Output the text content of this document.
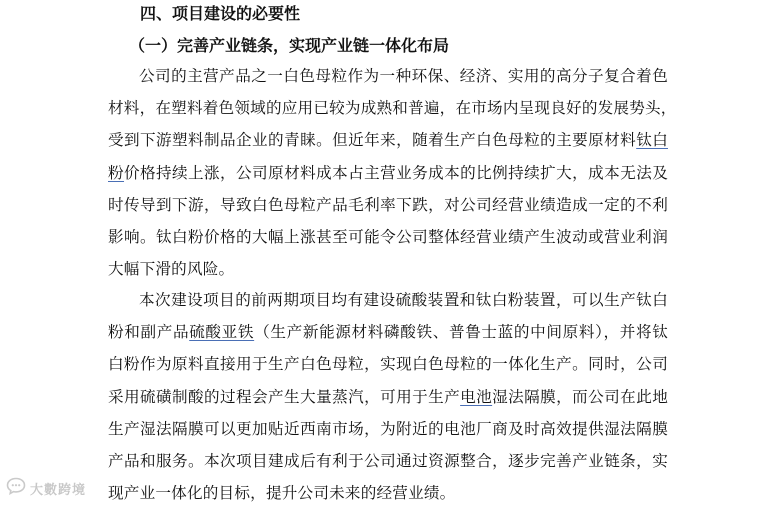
四、项目建设的必要性
（一）完善产业链条，实现产业链一体化布局
公司的主营产品之一白色母粒作为一种环保、经济、实用的高分子复合着色
材料，在塑料着色领域的应用已较为成熟和普遍，在市场内呈现良好的发展势头，
受到下游塑料制品企业的青睐。但近年来，随着生产白色母粒的主要原材料钛白
粉价格持续上涨，公司原材料成本占主营业务成本的比例持续扩大，成本无法及
时传导到下游，导致白色母粒产品毛利率下跌，对公司经营业绩造成一定的不利
影响。钛白粉价格的大幅上涨甚至可能令公司整体经营业绩产生波动或营业利润
大幅下滑的风险。
本次建设项目的前两期项目均有建设硫酸装置和钛白粉装置，可以生产钛白
粉和副产品硫酸亚铁（生产新能源材料磷酸铁、普鲁士蓝的中间原料），并将钛
白粉作为原料直接用于生产白色母粒，实现白色母粒的一体化生产。同时，公司
采用硫磺制酸的过程会产生大量蒸汽，可用于生产电池湿法隔膜，而公司在此地
生产湿法隔膜可以更加贴近西南市场，为附近的电池厂商及时高效提供湿法隔膜
产品和服务。本次项目建成后有利于公司通过资源整合，逐步完善产业链条，实
现产业一体化的目标，提升公司未来的经营业绩。
大數跨境
